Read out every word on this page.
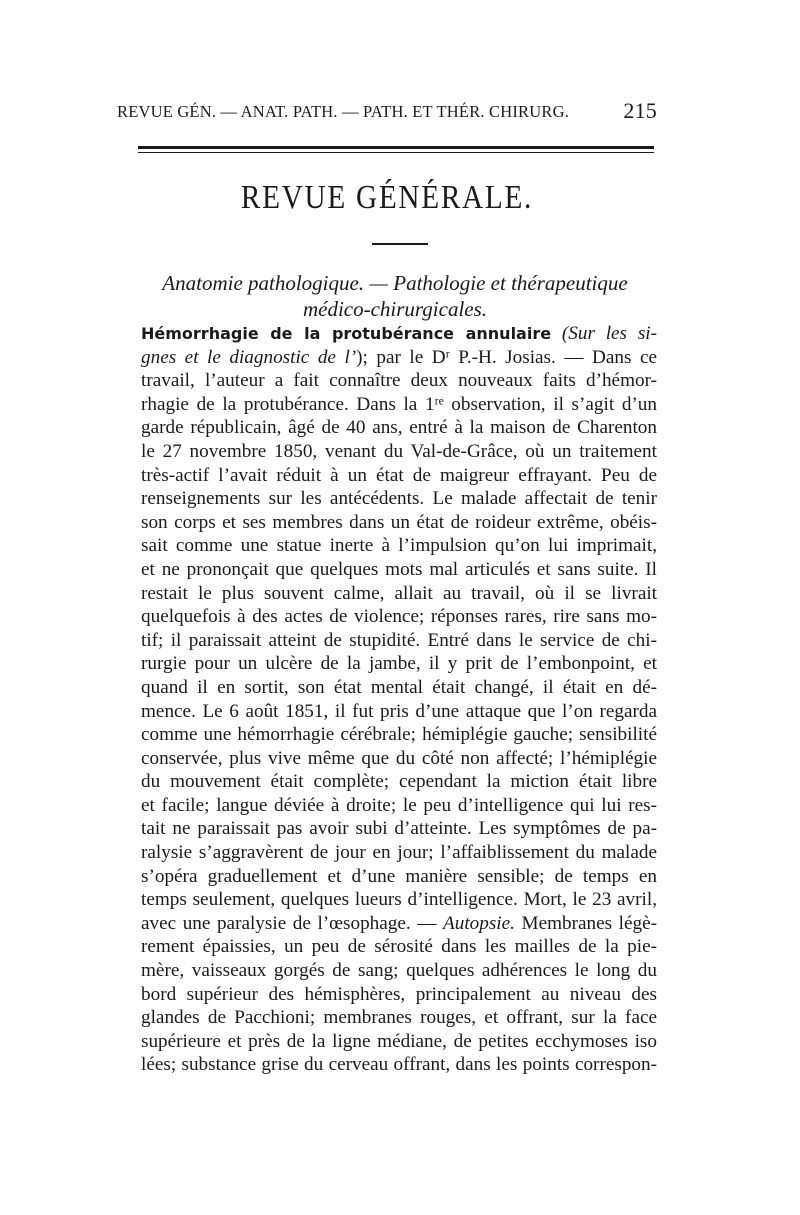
REVUE GÉN. — ANAT. PATH. — PATH. ET THÉR. CHIRURG. 215
REVUE GÉNÉRALE.
Anatomie pathologique. — Pathologie et thérapeutique
médico-chirurgicales.
Hémorrhagie de la protubérance annulaire (Sur les si-
gnes et le diagnostic de l’); par le Dʳ P.-H. Josias. — Dans ce
travail, l’auteur a fait connaître deux nouveaux faits d’hémor-
rhagie de la protubérance. Dans la 1ʳᵉ observation, il s’agit d’un
garde républicain, âgé de 40 ans, entré à la maison de Charenton
le 27 novembre 1850, venant du Val-de-Grâce, où un traitement
très-actif l’avait réduit à un état de maigreur effrayant. Peu de
renseignements sur les antécédents. Le malade affectait de tenir
son corps et ses membres dans un état de roideur extrême, obéis-
sait comme une statue inerte à l’impulsion qu’on lui imprimait,
et ne prononçait que quelques mots mal articulés et sans suite. Il
restait le plus souvent calme, allait au travail, où il se livrait
quelquefois à des actes de violence; réponses rares, rire sans mo-
tif; il paraissait atteint de stupidité. Entré dans le service de chi-
rurgie pour un ulcère de la jambe, il y prit de l’embonpoint, et
quand il en sortit, son état mental était changé, il était en dé-
mence. Le 6 août 1851, il fut pris d’une attaque que l’on regarda
comme une hémorrhagie cérébrale; hémiplégie gauche; sensibilité
conservée, plus vive même que du côté non affecté; l’hémiplégie
du mouvement était complète; cependant la miction était libre
et facile; langue déviée à droite; le peu d’intelligence qui lui res-
tait ne paraissait pas avoir subi d’atteinte. Les symptômes de pa-
ralysie s’aggravèrent de jour en jour; l’affaiblissement du malade
s’opéra graduellement et d’une manière sensible; de temps en
temps seulement, quelques lueurs d’intelligence. Mort, le 23 avril,
avec une paralysie de l’œsophage. — Autopsie. Membranes légè-
rement épaissies, un peu de sérosité dans les mailles de la pie-
mère, vaisseaux gorgés de sang; quelques adhérences le long du
bord supérieur des hémisphères, principalement au niveau des
glandes de Pacchioni; membranes rouges, et offrant, sur la face
supérieure et près de la ligne médiane, de petites ecchymoses iso
lées; substance grise du cerveau offrant, dans les points correspon-
